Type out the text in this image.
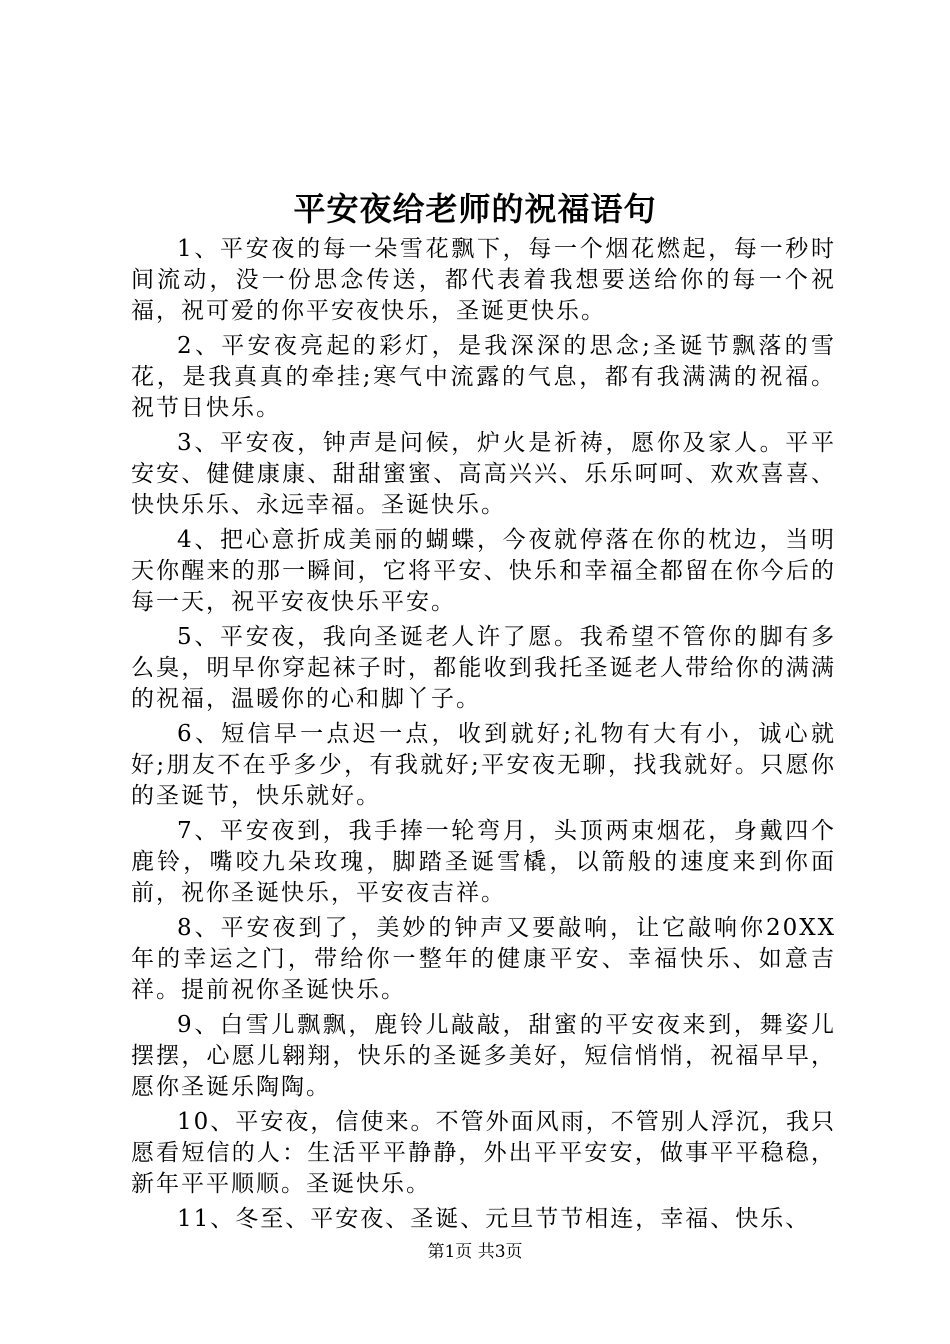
平安夜给老师的祝福语句

1、平安夜的每一朵雪花飘下，每一个烟花燃起，每一秒时间流动，没一份思念传送，都代表着我想要送给你的每一个祝福，祝可爱的你平安夜快乐，圣诞更快乐。

2、平安夜亮起的彩灯，是我深深的思念;圣诞节飘落的雪花，是我真真的牵挂;寒气中流露的气息，都有我满满的祝福。祝节日快乐。

3、平安夜，钟声是问候，炉火是祈祷，愿你及家人。平平安安、健健康康、甜甜蜜蜜、高高兴兴、乐乐呵呵、欢欢喜喜、快快乐乐、永远幸福。圣诞快乐。

4、把心意折成美丽的蝴蝶，今夜就停落在你的枕边，当明天你醒来的那一瞬间，它将平安、快乐和幸福全都留在你今后的每一天，祝平安夜快乐平安。

5、平安夜，我向圣诞老人许了愿。我希望不管你的脚有多么臭，明早你穿起袜子时，都能收到我托圣诞老人带给你的满满的祝福，温暖你的心和脚丫子。

6、短信早一点迟一点，收到就好;礼物有大有小，诚心就好;朋友不在乎多少，有我就好;平安夜无聊，找我就好。只愿你的圣诞节，快乐就好。

7、平安夜到，我手捧一轮弯月，头顶两束烟花，身戴四个鹿铃，嘴咬九朵玫瑰，脚踏圣诞雪橇，以箭般的速度来到你面前，祝你圣诞快乐，平安夜吉祥。

8、平安夜到了，美妙的钟声又要敲响，让它敲响你20XX年的幸运之门，带给你一整年的健康平安、幸福快乐、如意吉祥。提前祝你圣诞快乐。

9、白雪儿飘飘，鹿铃儿敲敲，甜蜜的平安夜来到，舞姿儿摆摆，心愿儿翱翔，快乐的圣诞多美好，短信悄悄，祝福早早，愿你圣诞乐陶陶。

10、平安夜，信使来。不管外面风雨，不管别人浮沉，我只愿看短信的人：生活平平静静，外出平平安安，做事平平稳稳，新年平平顺顺。圣诞快乐。

11、冬至、平安夜、圣诞、元旦节节相连，幸福、快乐、

第1页 共3页
